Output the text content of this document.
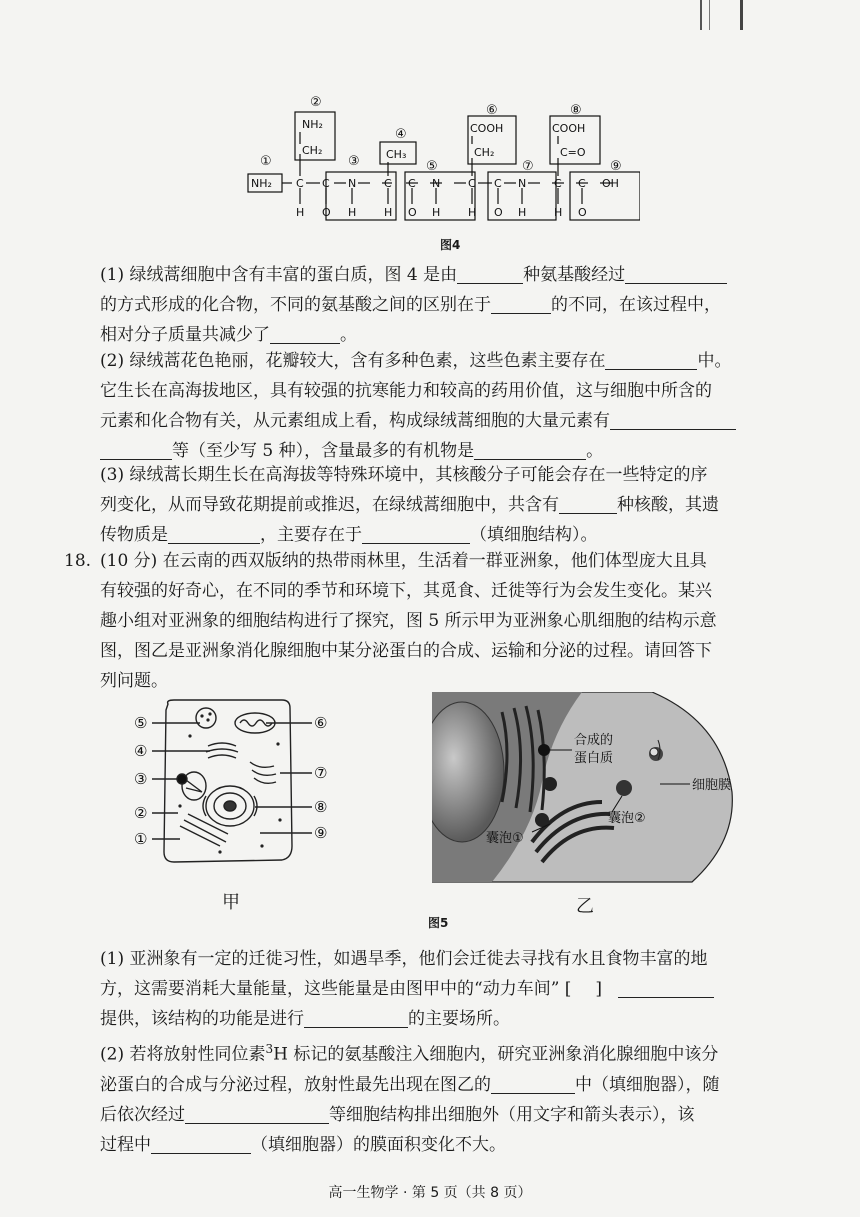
①
②
③
④
⑤
⑥
⑦
⑧
⑨
NH₂
NH₂
CH₂	CH₃
COOH
CH₂
COOH
C=O
C C N	C C N	C C N	C C OH
H O H	H O H	H O H	H O
图4
(1) 绿绒蒿细胞中含有丰富的蛋白质，图 4 是由	种氨基酸经过
的方式形成的化合物，不同的氨基酸之间的区别在于	的不同，在该过程中，
相对分子质量共减少了	。
(2) 绿绒蒿花色艳丽，花瓣较大，含有多种色素，这些色素主要存在	中。
它生长在高海拔地区，具有较强的抗寒能力和较高的药用价值，这与细胞中所含的
元素和化合物有关，从元素组成上看，构成绿绒蒿细胞的大量元素有
等（至少写 5 种），含量最多的有机物是	。
(3) 绿绒蒿长期生长在高海拔等特殊环境中，其核酸分子可能会存在一些特定的序
列变化，从而导致花期提前或推迟，在绿绒蒿细胞中，共含有	种核酸，其遗
传物质是	，主要存在于	（填细胞结构）。
18. (10 分) 在云南的西双版纳的热带雨林里，生活着一群亚洲象，他们体型庞大且具
有较强的好奇心，在不同的季节和环境下，其觅食、迁徙等行为会发生变化。某兴
趣小组对亚洲象的细胞结构进行了探究，图 5 所示甲为亚洲象心肌细胞的结构示意
图，图乙是亚洲象消化腺细胞中某分泌蛋白的合成、运输和分泌的过程。请回答下
列问题。
⑤
④
③
②
①
⑥
⑦
⑧
⑨
甲
合成的
蛋白质
细胞膜
囊泡②
囊泡①
乙
图5
(1) 亚洲象有一定的迁徙习性，如遇旱季，他们会迁徙去寻找有水且食物丰富的地
方，这需要消耗大量能量，这些能量是由图甲中的“动力车间” [ ]
提供，该结构的功能是进行	的主要场所。
(2) 若将放射性同位素$^3$H 标记的氨基酸注入细胞内，研究亚洲象消化腺细胞中该分
泌蛋白的合成与分泌过程，放射性最先出现在图乙的	中（填细胞器），随
后依次经过	等细胞结构排出细胞外（用文字和箭头表示），该
过程中	（填细胞器）的膜面积变化不大。
高一生物学 · 第 5 页（共 8 页）
